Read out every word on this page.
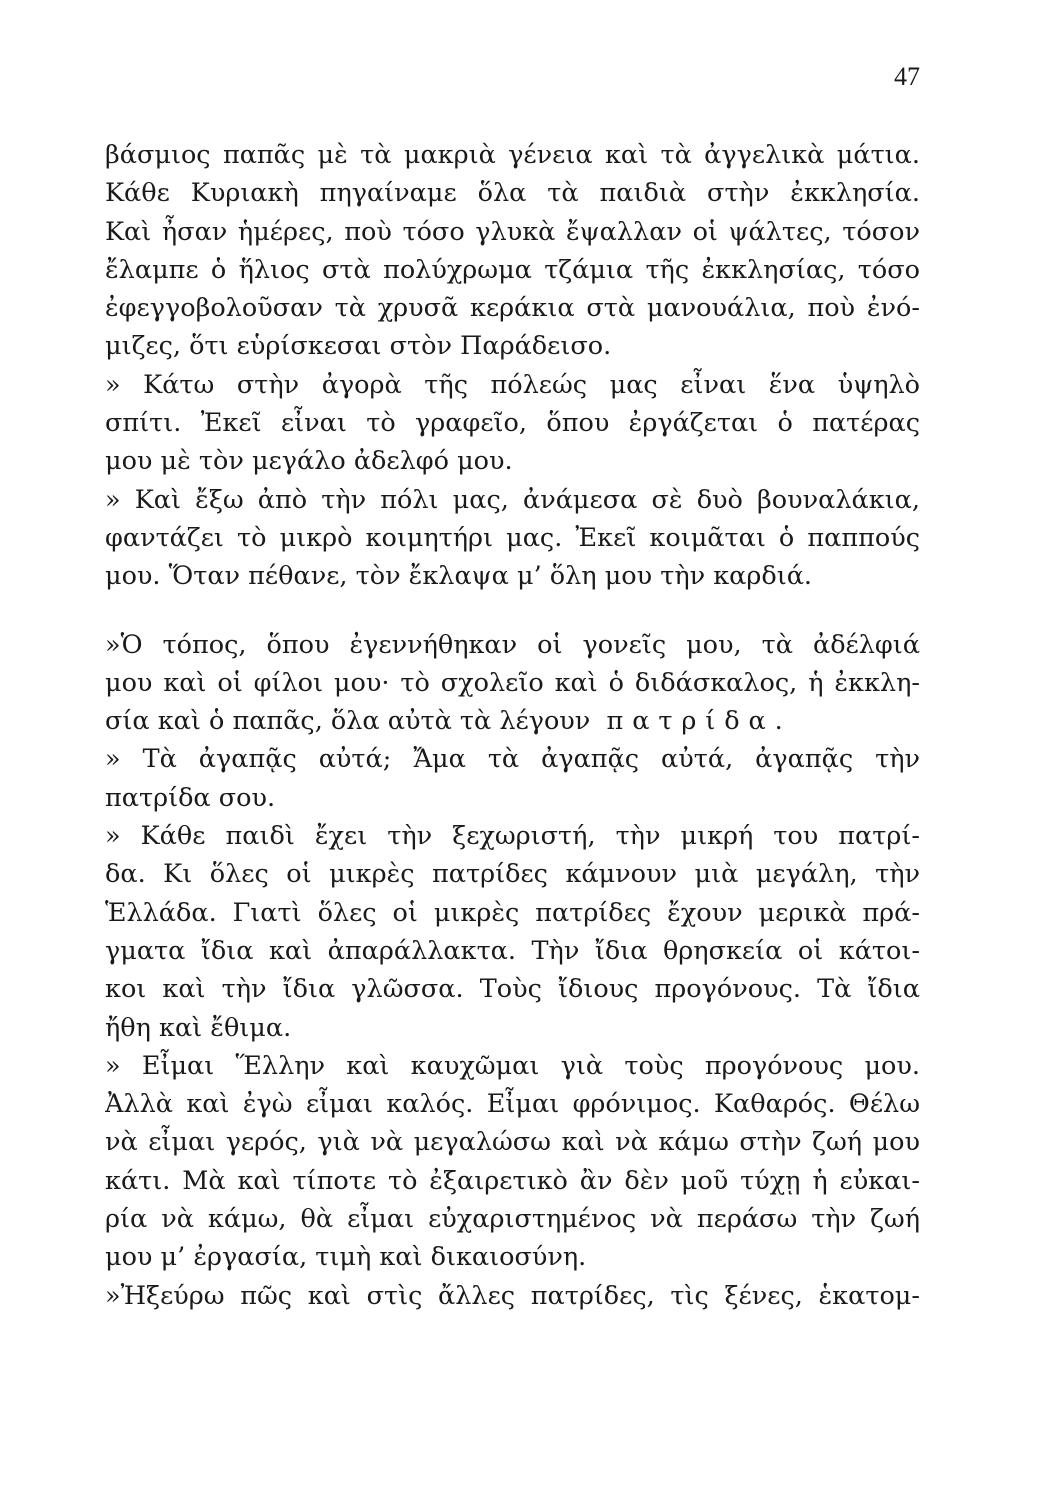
47
βάσμιος παπᾶς μὲ τὰ μακριὰ γένεια καὶ τὰ ἀγγελικὰ μάτια.
Κάθε Κυριακὴ πηγαίναμε ὅλα τὰ παιδιὰ στὴν ἐκκλησία.
Καὶ ἦσαν ἡμέρες, ποὺ τόσο γλυκὰ ἔψαλλαν οἱ ψάλτες, τόσον
ἔλαμπε ὁ ἥλιος στὰ πολύχρωμα τζάμια τῆς ἐκκλησίας, τόσο
ἐφεγγοβολοῦσαν τὰ χρυσᾶ κεράκια στὰ μανουάλια, ποὺ ἐνό-
μιζες, ὅτι εὑρίσκεσαι στὸν Παράδεισο.
» Κάτω στὴν ἀγορὰ τῆς πόλεώς μας εἶναι ἕνα ὑψηλὸ
σπίτι. Ἐκεῖ εἶναι τὸ γραφεῖο, ὅπου ἐργάζεται ὁ πατέρας
μου μὲ τὸν μεγάλο ἀδελφό μου.
» Καὶ ἔξω ἀπὸ τὴν πόλι μας, ἀνάμεσα σὲ δυὸ βουναλάκια,
φαντάζει τὸ μικρὸ κοιμητήρι μας. Ἐκεῖ κοιμᾶται ὁ παππούς
μου. Ὅταν πέθανε, τὸν ἔκλαψα μ’ ὅλη μου τὴν καρδιά.
»Ὁ τόπος, ὅπου ἐγεννήθηκαν οἱ γονεῖς μου, τὰ ἀδέλφιά
μου καὶ οἱ φίλοι μου· τὸ σχολεῖο καὶ ὁ διδάσκαλος, ἡ ἐκκλη-
σία καὶ ὁ παπᾶς, ὅλα αὐτὰ τὰ λέγουν πατρίδα.
» Τὰ ἀγαπᾷς αὐτά; Ἄμα τὰ ἀγαπᾷς αὐτά, ἀγαπᾷς τὴν
πατρίδα σου.
» Κάθε παιδὶ ἔχει τὴν ξεχωριστή, τὴν μικρή του πατρί-
δα. Κι ὅλες οἱ μικρὲς πατρίδες κάμνουν μιὰ μεγάλη, τὴν
Ἑλλάδα. Γιατὶ ὅλες οἱ μικρὲς πατρίδες ἔχουν μερικὰ πρά-
γματα ἴδια καὶ ἀπαράλλακτα. Τὴν ἴδια θρησκεία οἱ κάτοι-
κοι καὶ τὴν ἴδια γλῶσσα. Τοὺς ἴδιους προγόνους. Τὰ ἴδια
ἤθη καὶ ἔθιμα.
» Εἶμαι Ἕλλην καὶ καυχῶμαι γιὰ τοὺς προγόνους μου.
Ἀλλὰ καὶ ἐγὼ εἶμαι καλός. Εἶμαι φρόνιμος. Καθαρός. Θέλω
νὰ εἶμαι γερός, γιὰ νὰ μεγαλώσω καὶ νὰ κάμω στὴν ζωή μου
κάτι. Μὰ καὶ τίποτε τὸ ἐξαιρετικὸ ἂν δὲν μοῦ τύχῃ ἡ εὐκαι-
ρία νὰ κάμω, θὰ εἶμαι εὐχαριστημένος νὰ περάσω τὴν ζωή
μου μ’ ἐργασία, τιμὴ καὶ δικαιοσύνη.
»Ἠξεύρω πῶς καὶ στὶς ἄλλες πατρίδες, τὶς ξένες, ἑκατομ-
